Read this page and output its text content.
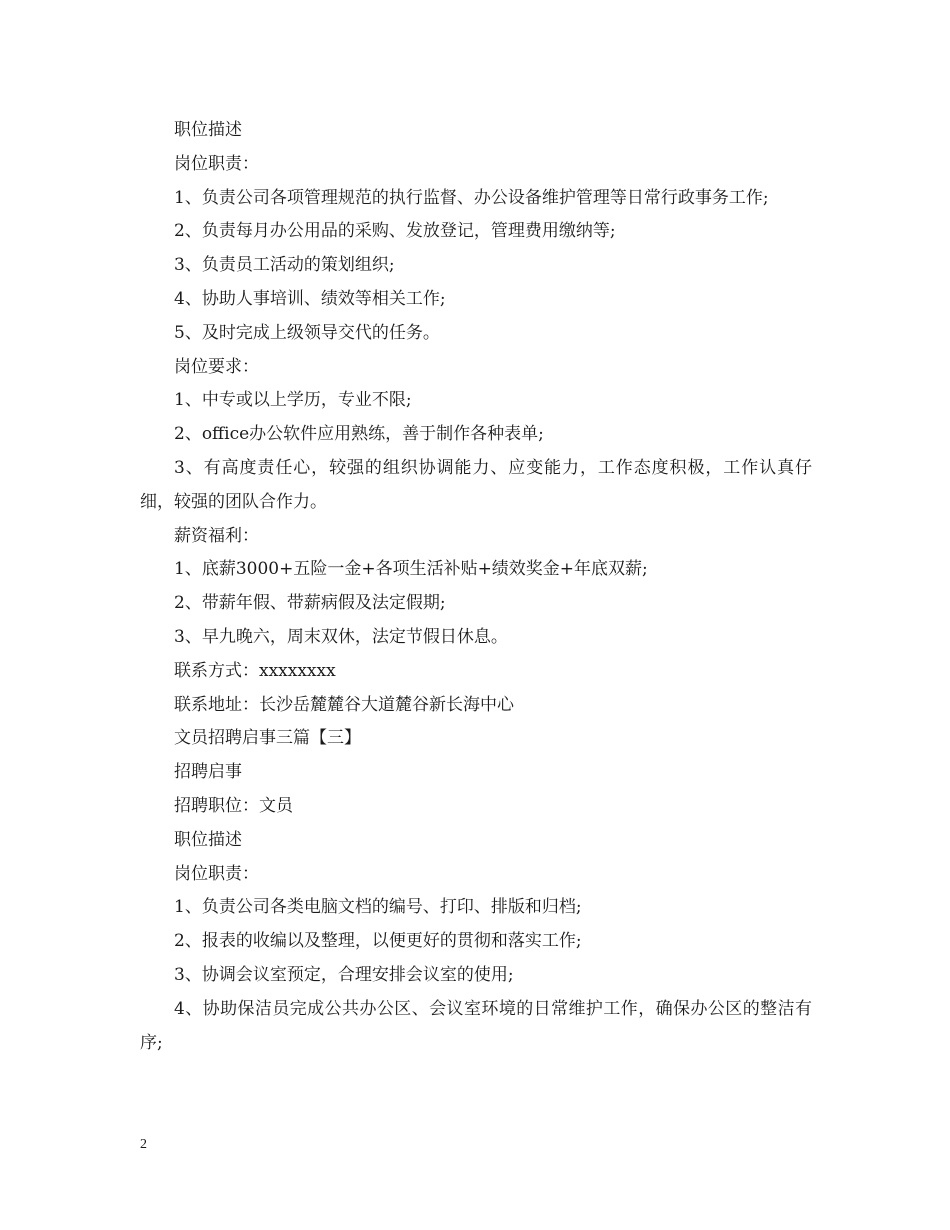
职位描述

岗位职责：

1、负责公司各项管理规范的执行监督、办公设备维护管理等日常行政事务工作;

2、负责每月办公用品的采购、发放登记，管理费用缴纳等;

3、负责员工活动的策划组织;

4、协助人事培训、绩效等相关工作;

5、及时完成上级领导交代的任务。

岗位要求：

1、中专或以上学历，专业不限;

2、office办公软件应用熟练，善于制作各种表单;

3、有高度责任心，较强的组织协调能力、应变能力，工作态度积极，工作认真仔细，较强的团队合作力。

薪资福利：

1、底薪3000+五险一金+各项生活补贴+绩效奖金+年底双薪;

2、带薪年假、带薪病假及法定假期;

3、早九晚六，周末双休，法定节假日休息。

联系方式：xxxxxxxx

联系地址：长沙岳麓麓谷大道麓谷新长海中心

文员招聘启事三篇【三】

招聘启事

招聘职位：文员

职位描述

岗位职责：

1、负责公司各类电脑文档的编号、打印、排版和归档;

2、报表的收编以及整理，以便更好的贯彻和落实工作;

3、协调会议室预定，合理安排会议室的使用;

4、协助保洁员完成公共办公区、会议室环境的日常维护工作，确保办公区的整洁有序;

2
